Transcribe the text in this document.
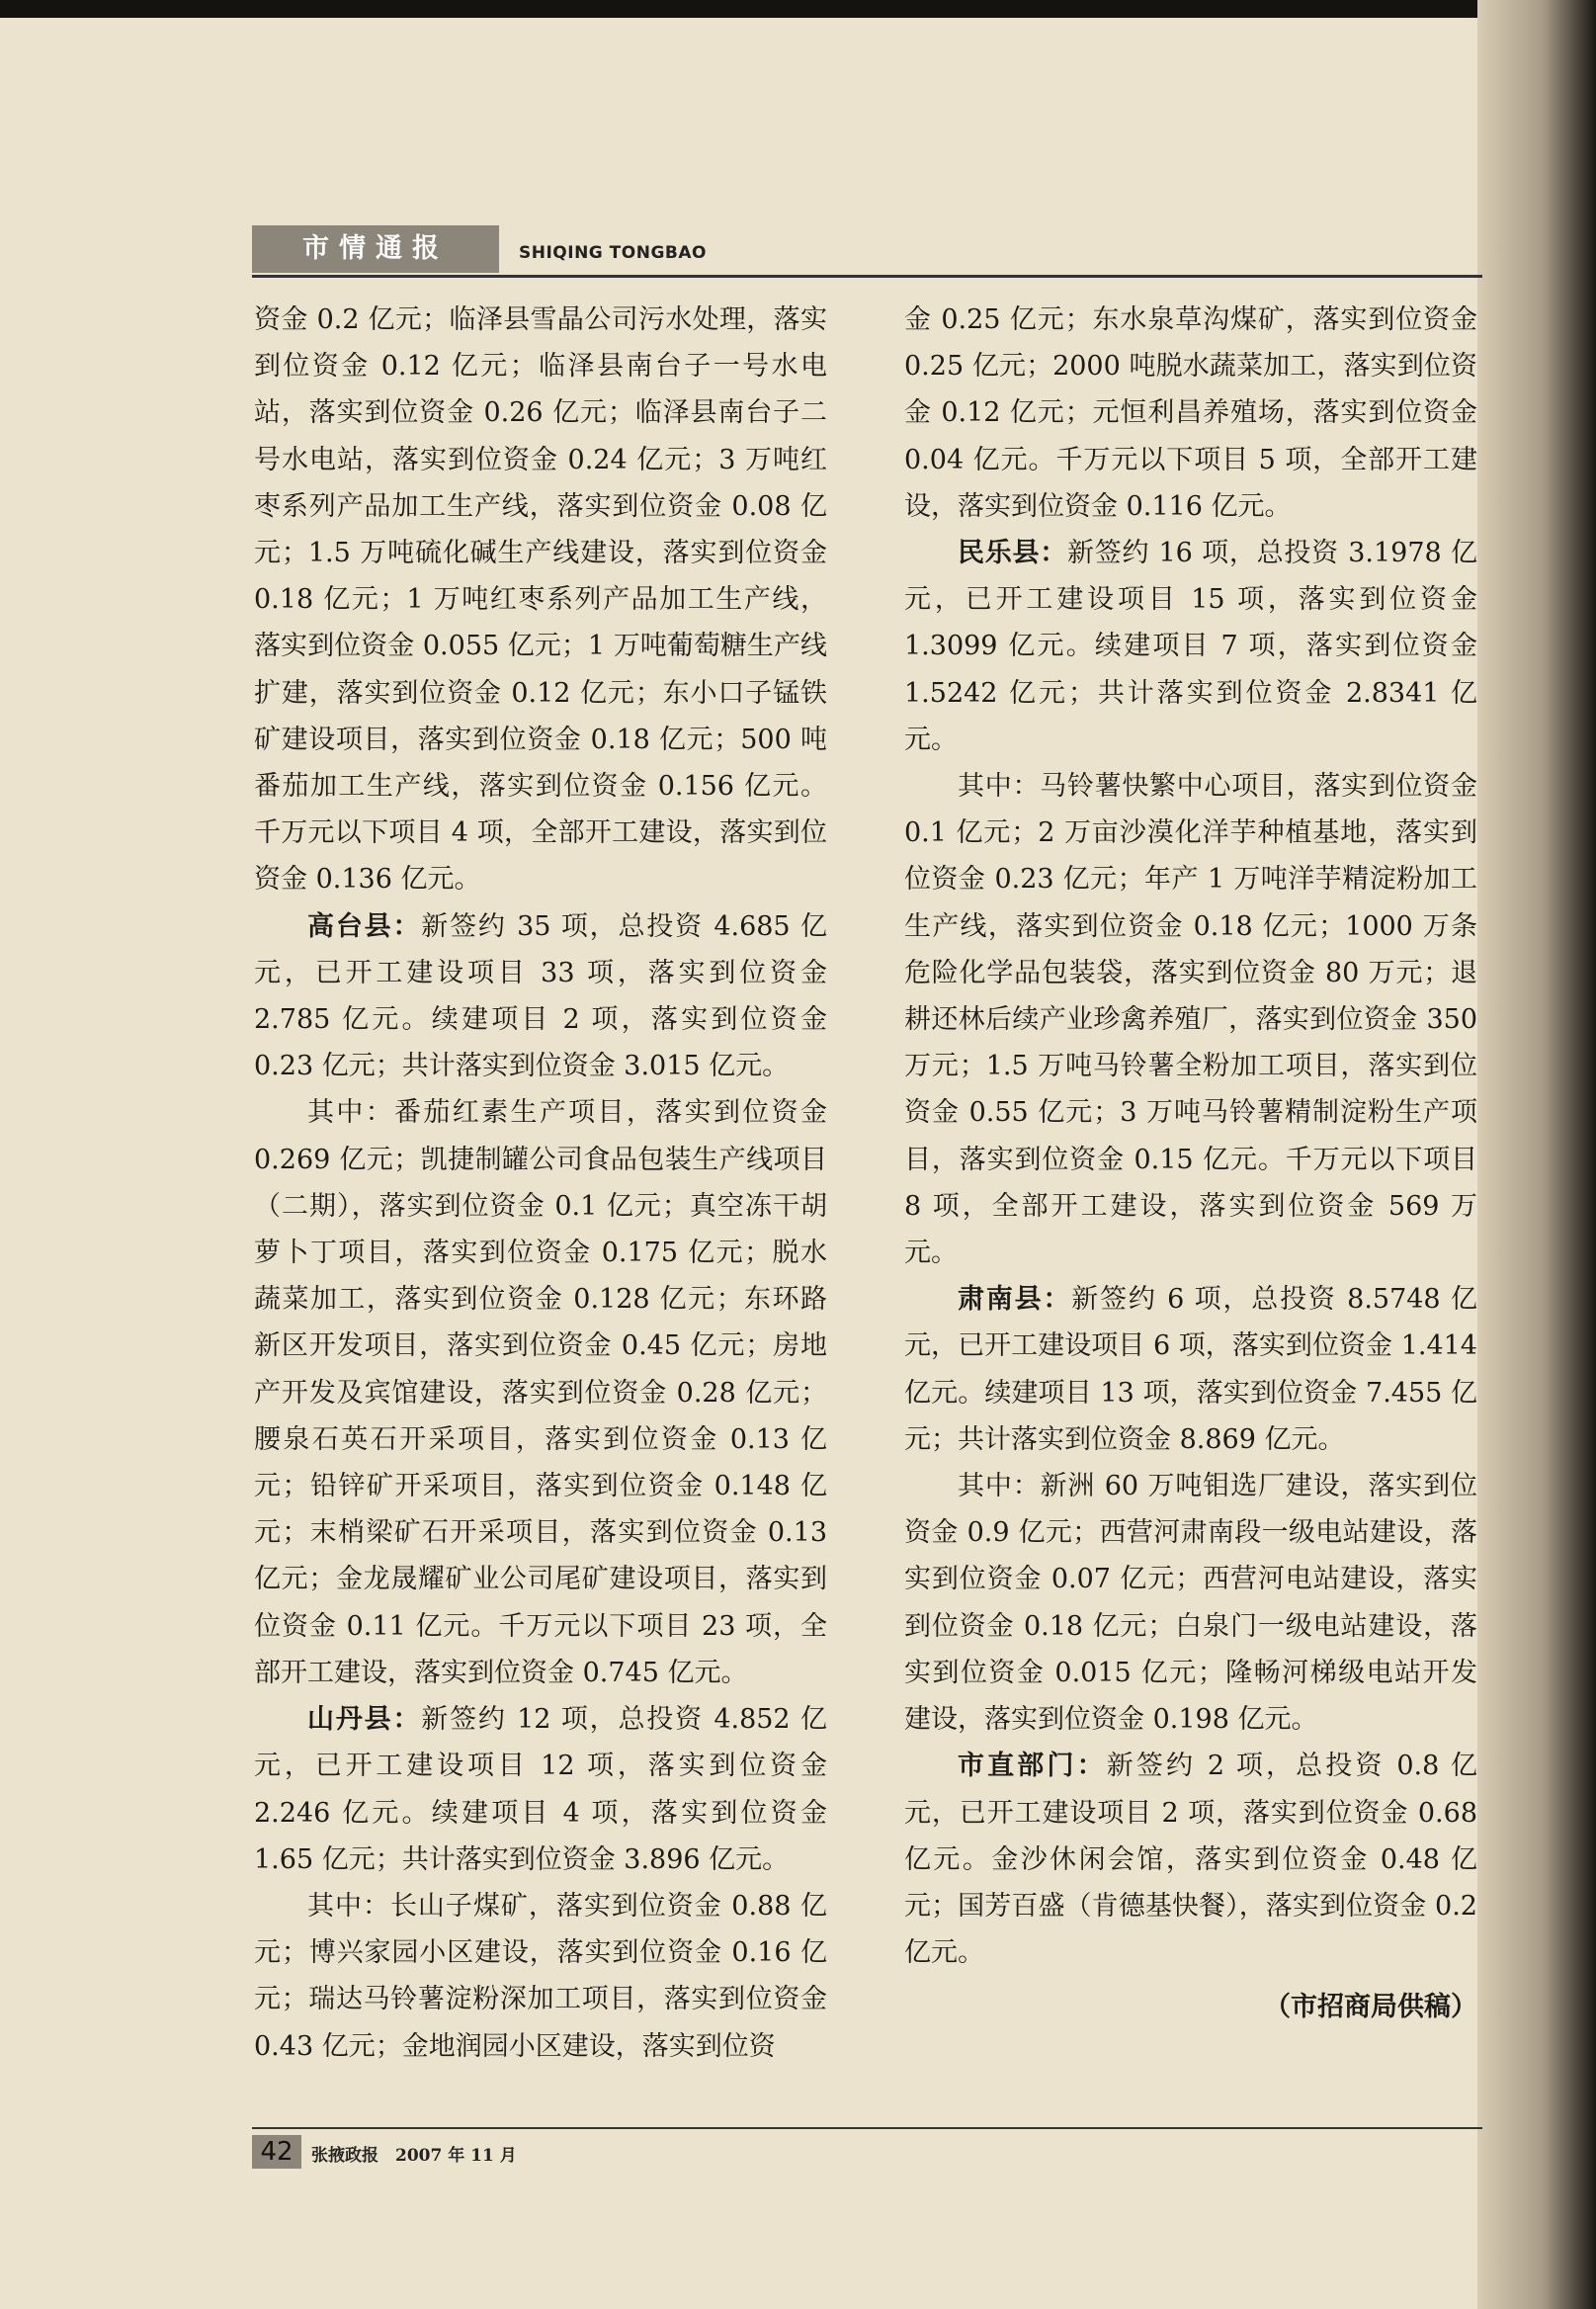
市情通报	SHIQING TONGBAO

资金 0.2 亿元；临泽县雪晶公司污水处理，落实到位资金 0.12 亿元；临泽县南台子一号水电站，落实到位资金 0.26 亿元；临泽县南台子二号水电站，落实到位资金 0.24 亿元；3 万吨红枣系列产品加工生产线，落实到位资金 0.08 亿元；1.5 万吨硫化碱生产线建设，落实到位资金 0.18 亿元；1 万吨红枣系列产品加工生产线，落实到位资金 0.055 亿元；1 万吨葡萄糖生产线扩建，落实到位资金 0.12 亿元；东小口子锰铁矿建设项目，落实到位资金 0.18 亿元；500 吨番茄加工生产线，落实到位资金 0.156 亿元。千万元以下项目 4 项，全部开工建设，落实到位资金 0.136 亿元。

高台县：新签约 35 项，总投资 4.685 亿元，已开工建设项目 33 项，落实到位资金 2.785 亿元。续建项目 2 项，落实到位资金 0.23 亿元；共计落实到位资金 3.015 亿元。

其中：番茄红素生产项目，落实到位资金 0.269 亿元；凯捷制罐公司食品包装生产线项目（二期），落实到位资金 0.1 亿元；真空冻干胡萝卜丁项目，落实到位资金 0.175 亿元；脱水蔬菜加工，落实到位资金 0.128 亿元；东环路新区开发项目，落实到位资金 0.45 亿元；房地产开发及宾馆建设，落实到位资金 0.28 亿元；腰泉石英石开采项目，落实到位资金 0.13 亿元；铅锌矿开采项目，落实到位资金 0.148 亿元；末梢梁矿石开采项目，落实到位资金 0.13 亿元；金龙晟耀矿业公司尾矿建设项目，落实到位资金 0.11 亿元。千万元以下项目 23 项，全部开工建设，落实到位资金 0.745 亿元。

山丹县：新签约 12 项，总投资 4.852 亿元，已开工建设项目 12 项，落实到位资金 2.246 亿元。续建项目 4 项，落实到位资金 1.65 亿元；共计落实到位资金 3.896 亿元。

其中：长山子煤矿，落实到位资金 0.88 亿元；博兴家园小区建设，落实到位资金 0.16 亿元；瑞达马铃薯淀粉深加工项目，落实到位资金 0.43 亿元；金地润园小区建设，落实到位资

金 0.25 亿元；东水泉草沟煤矿，落实到位资金 0.25 亿元；2000 吨脱水蔬菜加工，落实到位资金 0.12 亿元；元恒利昌养殖场，落实到位资金 0.04 亿元。千万元以下项目 5 项，全部开工建设，落实到位资金 0.116 亿元。

民乐县：新签约 16 项，总投资 3.1978 亿元，已开工建设项目 15 项，落实到位资金 1.3099 亿元。续建项目 7 项，落实到位资金 1.5242 亿元；共计落实到位资金 2.8341 亿元。

其中：马铃薯快繁中心项目，落实到位资金 0.1 亿元；2 万亩沙漠化洋芋种植基地，落实到位资金 0.23 亿元；年产 1 万吨洋芋精淀粉加工生产线，落实到位资金 0.18 亿元；1000 万条危险化学品包装袋，落实到位资金 80 万元；退耕还林后续产业珍禽养殖厂，落实到位资金 350 万元；1.5 万吨马铃薯全粉加工项目，落实到位资金 0.55 亿元；3 万吨马铃薯精制淀粉生产项目，落实到位资金 0.15 亿元。千万元以下项目 8 项，全部开工建设，落实到位资金 569 万元。

肃南县：新签约 6 项，总投资 8.5748 亿元，已开工建设项目 6 项，落实到位资金 1.414 亿元。续建项目 13 项，落实到位资金 7.455 亿元；共计落实到位资金 8.869 亿元。

其中：新洲 60 万吨钼选厂建设，落实到位资金 0.9 亿元；西营河肃南段一级电站建设，落实到位资金 0.07 亿元；西营河电站建设，落实到位资金 0.18 亿元；白泉门一级电站建设，落实到位资金 0.015 亿元；隆畅河梯级电站开发建设，落实到位资金 0.198 亿元。

市直部门：新签约 2 项，总投资 0.8 亿元，已开工建设项目 2 项，落实到位资金 0.68 亿元。金沙休闲会馆，落实到位资金 0.48 亿元；国芳百盛（肯德基快餐），落实到位资金 0.2 亿元。

（市招商局供稿）
42	张掖政报　2007 年 11 月
